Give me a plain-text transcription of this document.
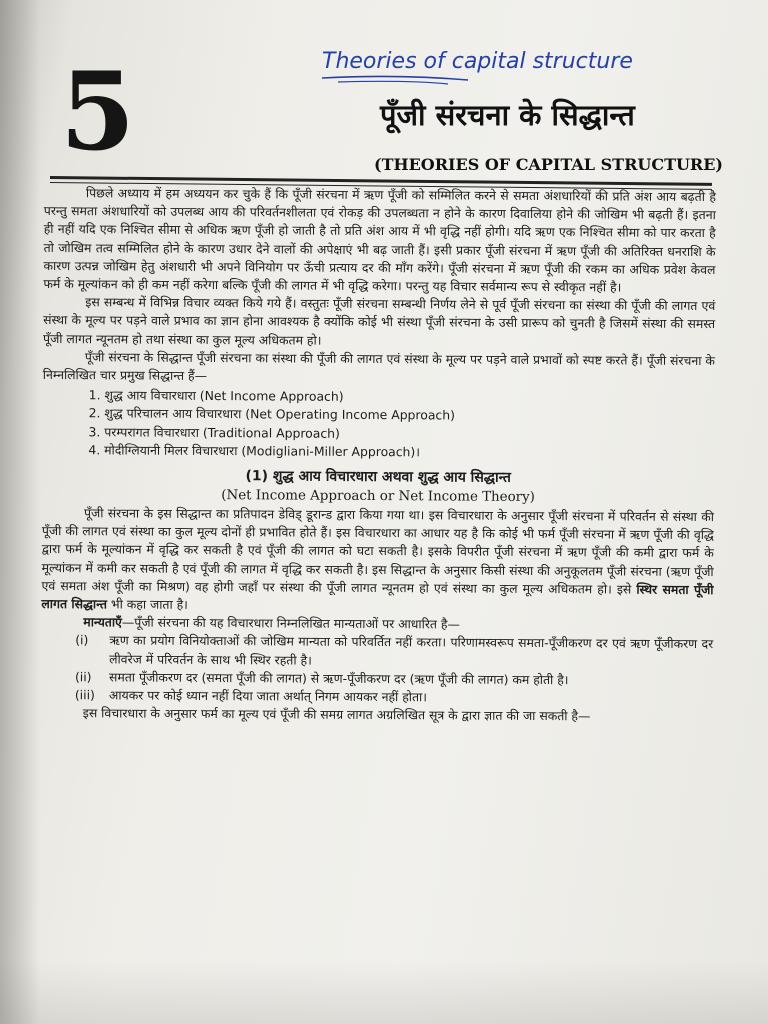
Theories of capital structure
5	पूँजी संरचना के सिद्धान्त
(THEORIES OF CAPITAL STRUCTURE)

पिछले अध्याय में हम अध्ययन कर चुके हैं कि पूँजी संरचना में ऋण पूँजी को सम्मिलित करने से समता अंशधारियों की प्रति अंश आय बढ़ती है परन्तु समता अंशधारियों को उपलब्ध आय की परिवर्तनशीलता एवं रोकड़ की उपलब्धता न होने के कारण दिवालिया होने की जोखिम भी बढ़ती हैं। इतना ही नहीं यदि एक निश्चित सीमा से अधिक ऋण पूँजी हो जाती है तो प्रति अंश आय में भी वृद्धि नहीं होगी। यदि ऋण एक निश्चित सीमा को पार करता है तो जोखिम तत्व सम्मिलित होने के कारण उधार देने वालों की अपेक्षाएं भी बढ़ जाती हैं। इसी प्रकार पूँजी संरचना में ऋण पूँजी की अतिरिक्त धनराशि के कारण उत्पन्न जोखिम हेतु अंशधारी भी अपने विनियोग पर ऊँची प्रत्याय दर की माँग करेंगे। पूँजी संरचना में ऋण पूँजी की रकम का अधिक प्रवेश केवल फर्म के मूल्यांकन को ही कम नहीं करेगा बल्कि पूँजी की लागत में भी वृद्धि करेगा। परन्तु यह विचार सर्वमान्य रूप से स्वीकृत नहीं है।

इस सम्बन्ध में विभिन्न विचार व्यक्त किये गये हैं। वस्तुतः पूँजी संरचना सम्बन्धी निर्णय लेने से पूर्व पूँजी संरचना का संस्था की पूँजी की लागत एवं संस्था के मूल्य पर पड़ने वाले प्रभाव का ज्ञान होना आवश्यक है क्योंकि कोई भी संस्था पूँजी संरचना के उसी प्रारूप को चुनती है जिसमें संस्था की समस्त पूँजी लागत न्यूनतम हो तथा संस्था का कुल मूल्य अधिकतम हो।

पूँजी संरचना के सिद्धान्त पूँजी संरचना का संस्था की पूँजी की लागत एवं संस्था के मूल्य पर पड़ने वाले प्रभावों को स्पष्ट करते हैं। पूँजी संरचना के निम्नलिखित चार प्रमुख सिद्धान्त हैं—

1. शुद्ध आय विचारधारा (Net Income Approach)
2. शुद्ध परिचालन आय विचारधारा (Net Operating Income Approach)
3. परम्परागत विचारधारा (Traditional Approach)
4. मोदीग्लियानी मिलर विचारधारा (Modigliani-Miller Approach)।
(1) शुद्ध आय विचारधारा अथवा शुद्ध आय सिद्धान्त
(Net Income Approach or Net Income Theory)

पूँजी संरचना के इस सिद्धान्त का प्रतिपादन डेविड् डूरान्ड द्वारा किया गया था। इस विचारधारा के अनुसार पूँजी संरचना में परिवर्तन से संस्था की पूँजी की लागत एवं संस्था का कुल मूल्य दोनों ही प्रभावित होते हैं। इस विचारधारा का आधार यह है कि कोई भी फर्म पूँजी संरचना में ऋण पूँजी की वृद्धि द्वारा फर्म के मूल्यांकन में वृद्धि कर सकती है एवं पूँजी की लागत को घटा सकती है। इसके विपरीत पूँजी संरचना में ऋण पूँजी की कमी द्वारा फर्म के मूल्यांकन में कमी कर सकती है एवं पूँजी की लागत में वृद्धि कर सकती है। इस सिद्धान्त के अनुसार किसी संस्था की अनुकूलतम पूँजी संरचना (ऋण पूँजी एवं समता अंश पूँजी का मिश्रण) वह होगी जहाँ पर संस्था की पूँजी लागत न्यूनतम हो एवं संस्था का कुल मूल्य अधिकतम हो। इसे स्थिर समता पूँजी लागत सिद्धान्त भी कहा जाता है।

मान्यताएँ—पूँजी संरचना की यह विचारधारा निम्नलिखित मान्यताओं पर आधारित है—

(i) ऋण का प्रयोग विनियोक्ताओं की जोखिम मान्यता को परिवर्तित नहीं करता। परिणामस्वरूप समता-पूँजीकरण दर एवं ऋण पूँजीकरण दर लीवरेज में परिवर्तन के साथ भी स्थिर रहती है।
(ii) समता पूँजीकरण दर (समता पूँजी की लागत) से ऋण-पूँजीकरण दर (ऋण पूँजी की लागत) कम होती है।
(iii) आयकर पर कोई ध्यान नहीं दिया जाता अर्थात् निगम आयकर नहीं होता।

इस विचारधारा के अनुसार फर्म का मूल्य एवं पूँजी की समग्र लागत अग्रलिखित सूत्र के द्वारा ज्ञात की जा सकती है—
